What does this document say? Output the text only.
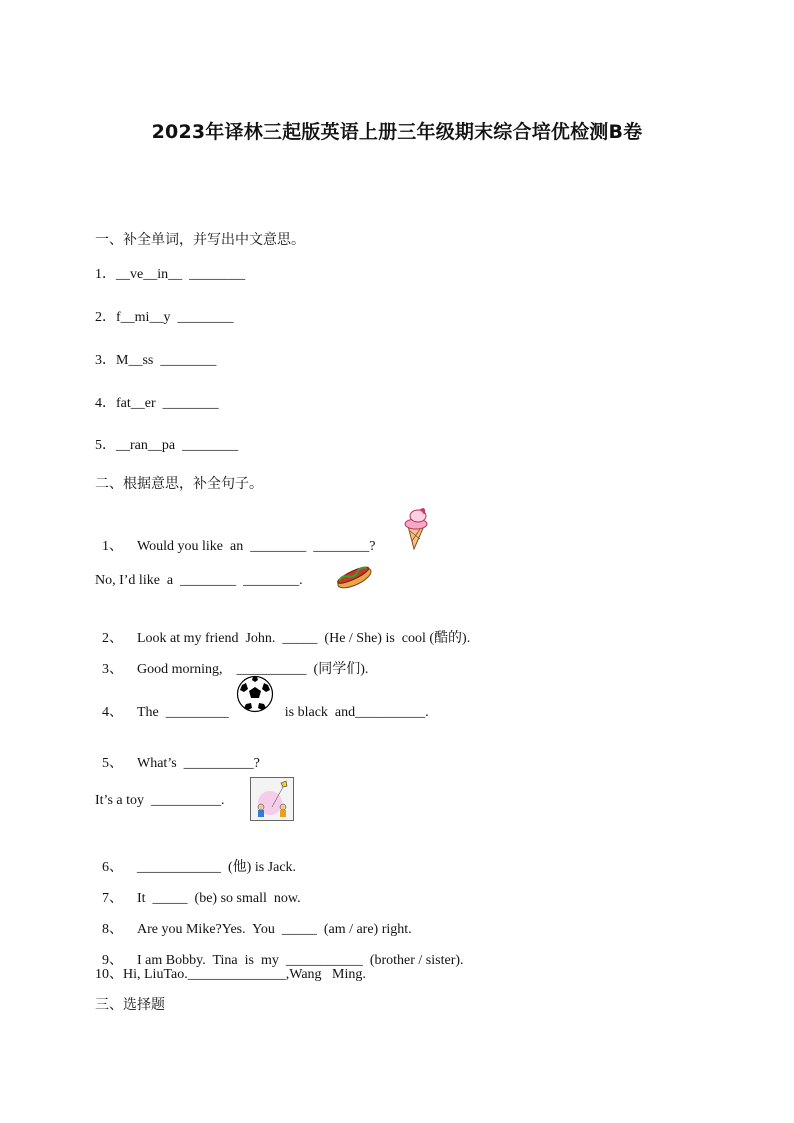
2023年译林三起版英语上册三年级期末综合培优检测B卷
一、补全单词，并写出中文意思。
1．__ve__in__  ________
2．f__mi__y  ________
3．M__ss  ________
4．fat__er  ________
5．__ran__pa  ________
二、根据意思，补全句子。

1、 Would you like  an  ________  ________?

No, I’d like  a  ________  ________.

2、 Look at my friend  John.  _____  (He / She) is  cool (酷的).

3、 Good morning,    __________  (同学们).

4、 The  _________	is black  and__________.

5、 What’s  __________?

It’s a toy  __________.

6、 ____________  (他) is Jack.

7、 It  _____  (be) so small  now.

8、 Are you Mike?Yes.  You  _____  (am / are) right.

9、 I am Bobby.  Tina  is  my  ___________  (brother / sister).

10、Hi, LiuTao.______________,Wang   Ming.
三、选择题
